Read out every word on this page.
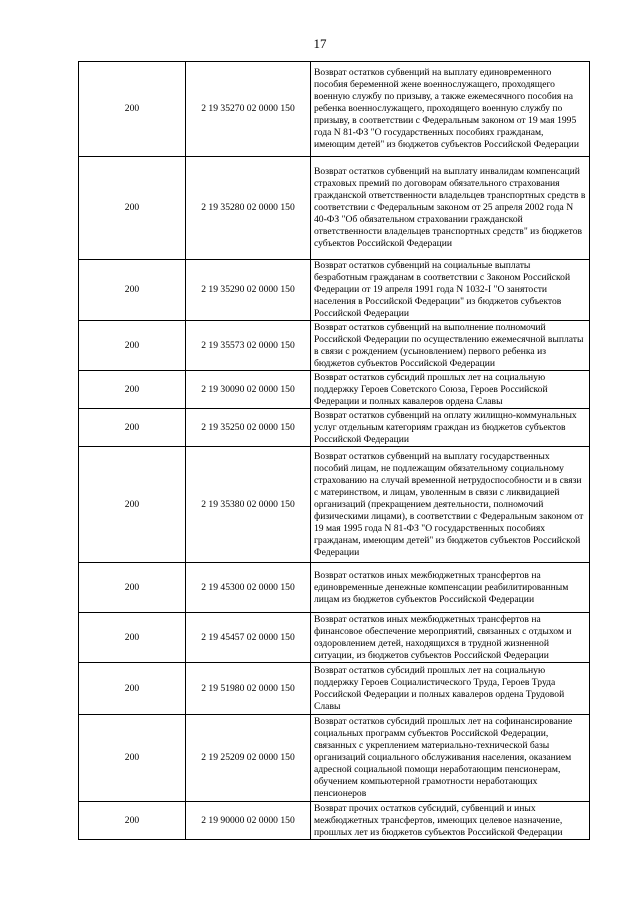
17
200	2 19 35270 02 0000 150	Возврат остатков субвенций на выплату единовременного пособия беременной жене военнослужащего, проходящего военную службу по призыву, а также ежемесячного пособия на ребенка военнослужащего, проходящего военную службу по призыву, в соответствии с Федеральным законом от 19 мая 1995 года N 81-ФЗ "О государственных пособиях гражданам, имеющим детей" из бюджетов субъектов Российской Федерации
200	2 19 35280 02 0000 150	Возврат остатков субвенций на выплату инвалидам компенсаций страховых премий по договорам обязательного страхования гражданской ответственности владельцев транспортных средств в соответствии с Федеральным законом от 25 апреля 2002 года N 40-ФЗ "Об обязательном страховании гражданской ответственности владельцев транспортных средств" из бюджетов субъектов Российской Федерации
200	2 19 35290 02 0000 150	Возврат остатков субвенций на социальные выплаты безработным гражданам в соответствии с Законом Российской Федерации от 19 апреля 1991 года N 1032-I "О занятости населения в Российской Федерации" из бюджетов субъектов Российской Федерации
200	2 19 35573 02 0000 150	Возврат остатков субвенций на выполнение полномочий Российской Федерации по осуществлению ежемесячной выплаты в связи с рождением (усыновлением) первого ребенка из бюджетов субъектов Российской Федерации
200	2 19 30090 02 0000 150	Возврат остатков субсидий прошлых лет на социальную поддержку Героев Советского Союза, Героев Российской Федерации и полных кавалеров ордена Славы
200	2 19 35250 02 0000 150	Возврат остатков субвенций на оплату жилищно-коммунальных услуг отдельным категориям граждан из бюджетов субъектов Российской Федерации
200	2 19 35380 02 0000 150	Возврат остатков субвенций на выплату государственных пособий лицам, не подлежащим обязательному социальному страхованию на случай временной нетрудоспособности и в связи с материнством, и лицам, уволенным в связи с ликвидацией организаций (прекращением деятельности, полномочий физическими лицами), в соответствии с Федеральным законом от 19 мая 1995 года N 81-ФЗ "О государственных пособиях гражданам, имеющим детей" из бюджетов субъектов Российской Федерации
200	2 19 45300 02 0000 150	Возврат остатков иных межбюджетных трансфертов на единовременные денежные компенсации реабилитированным лицам из бюджетов субъектов Российской Федерации
200	2 19 45457 02 0000 150	Возврат остатков иных межбюджетных трансфертов на финансовое обеспечение мероприятий, связанных с отдыхом и оздоровлением детей, находящихся в трудной жизненной ситуации, из бюджетов субъектов Российской Федерации
200	2 19 51980 02 0000 150	Возврат остатков субсидий прошлых лет на социальную поддержку Героев Социалистического Труда, Героев Труда Российской Федерации и полных кавалеров ордена Трудовой Славы
200	2 19 25209 02 0000 150	Возврат остатков субсидий прошлых лет на софинансирование социальных программ субъектов Российской Федерации, связанных с укреплением материально-технической базы организаций социального обслуживания населения, оказанием адресной социальной помощи неработающим пенсионерам, обучением компьютерной грамотности неработающих пенсионеров
200	2 19 90000 02 0000 150	Возврат прочих остатков субсидий, субвенций и иных межбюджетных трансфертов, имеющих целевое назначение, прошлых лет из бюджетов субъектов Российской Федерации
